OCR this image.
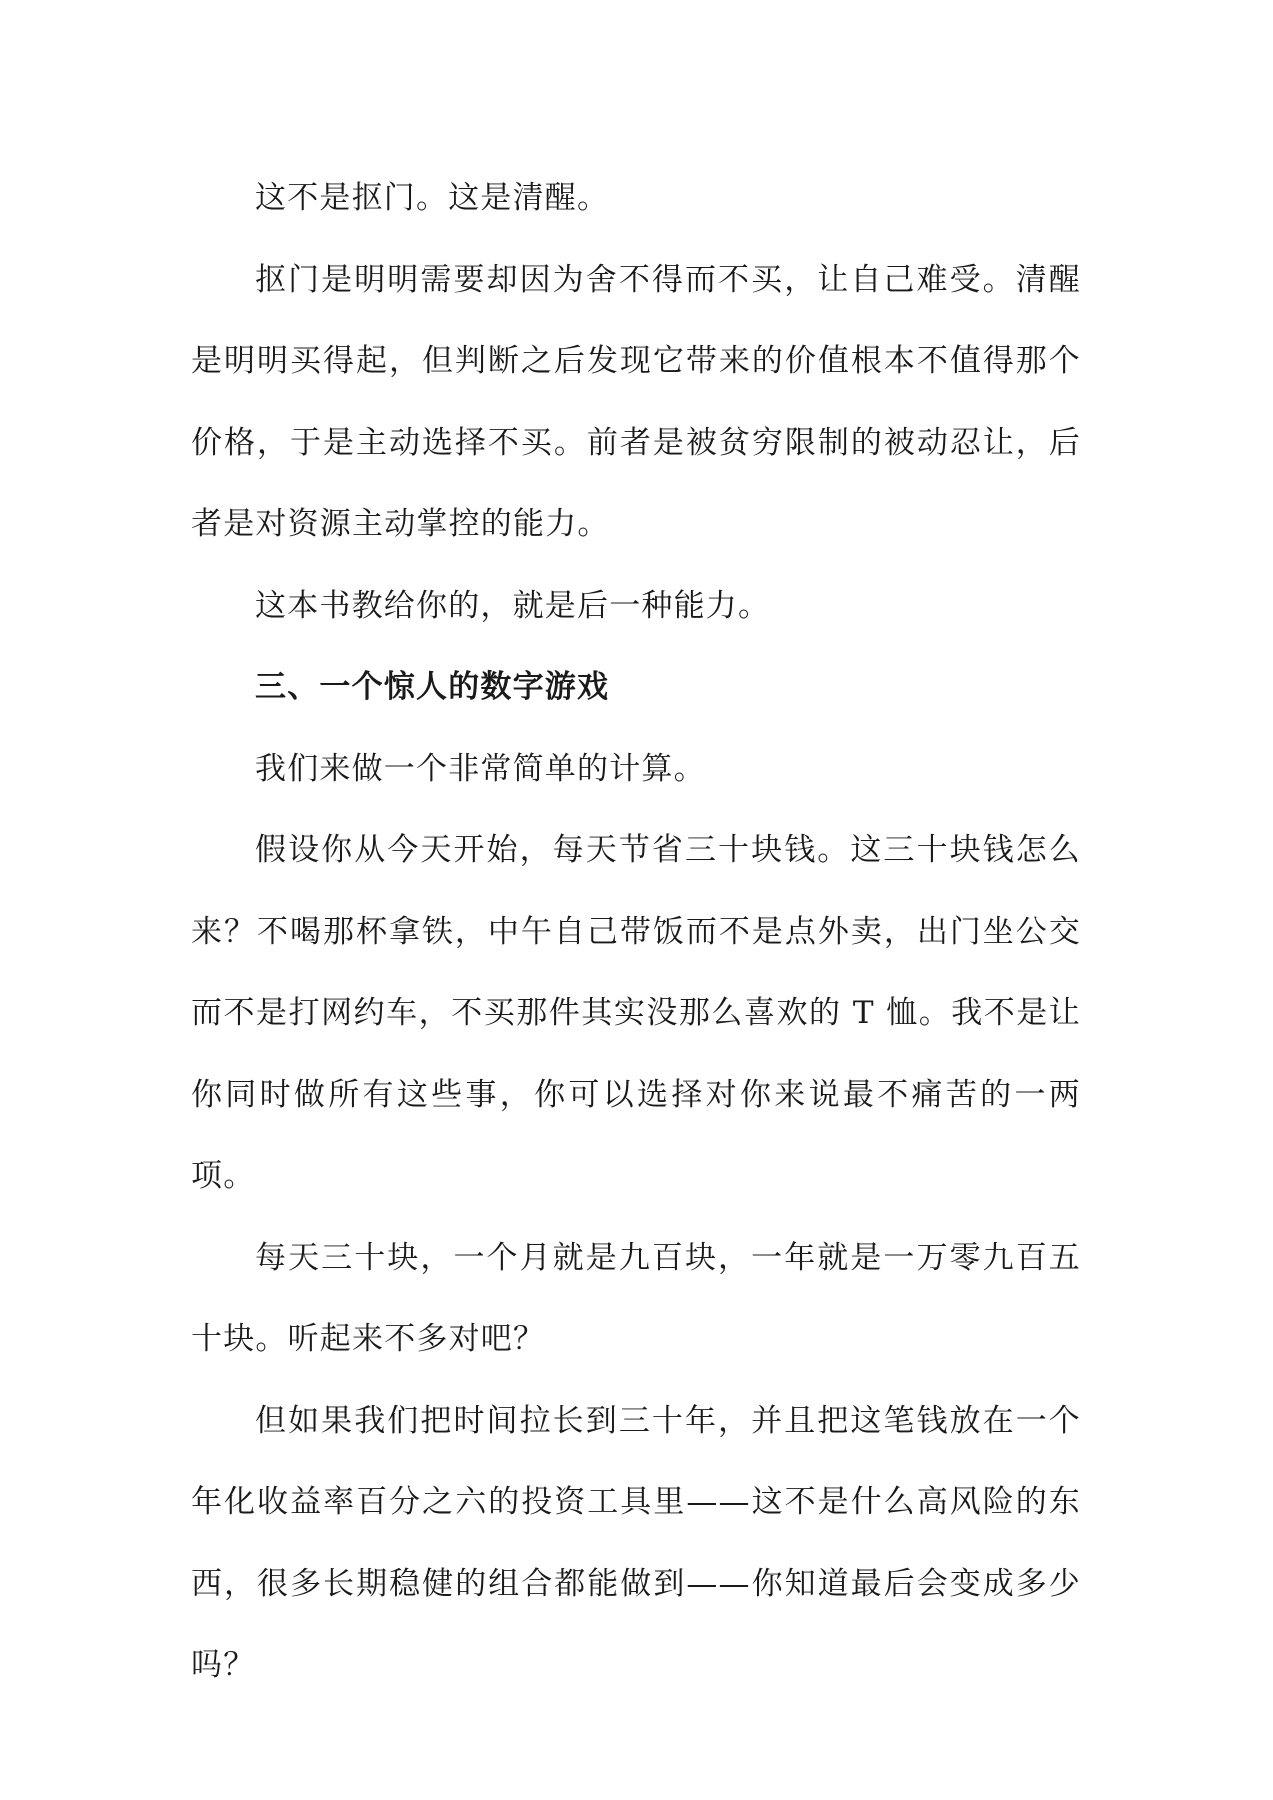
这不是抠门。这是清醒。

抠门是明明需要却因为舍不得而不买，让自己难受。清醒是明明买得起，但判断之后发现它带来的价值根本不值得那个价格，于是主动选择不买。前者是被贫穷限制的被动忍让，后者是对资源主动掌控的能力。

这本书教给你的，就是后一种能力。

三、一个惊人的数字游戏

我们来做一个非常简单的计算。

假设你从今天开始，每天节省三十块钱。这三十块钱怎么来？不喝那杯拿铁，中午自己带饭而不是点外卖，出门坐公交而不是打网约车，不买那件其实没那么喜欢的 T 恤。我不是让你同时做所有这些事，你可以选择对你来说最不痛苦的一两项。

每天三十块，一个月就是九百块，一年就是一万零九百五十块。听起来不多对吧？

但如果我们把时间拉长到三十年，并且把这笔钱放在一个年化收益率百分之六的投资工具里——这不是什么高风险的东西，很多长期稳健的组合都能做到——你知道最后会变成多少吗？
